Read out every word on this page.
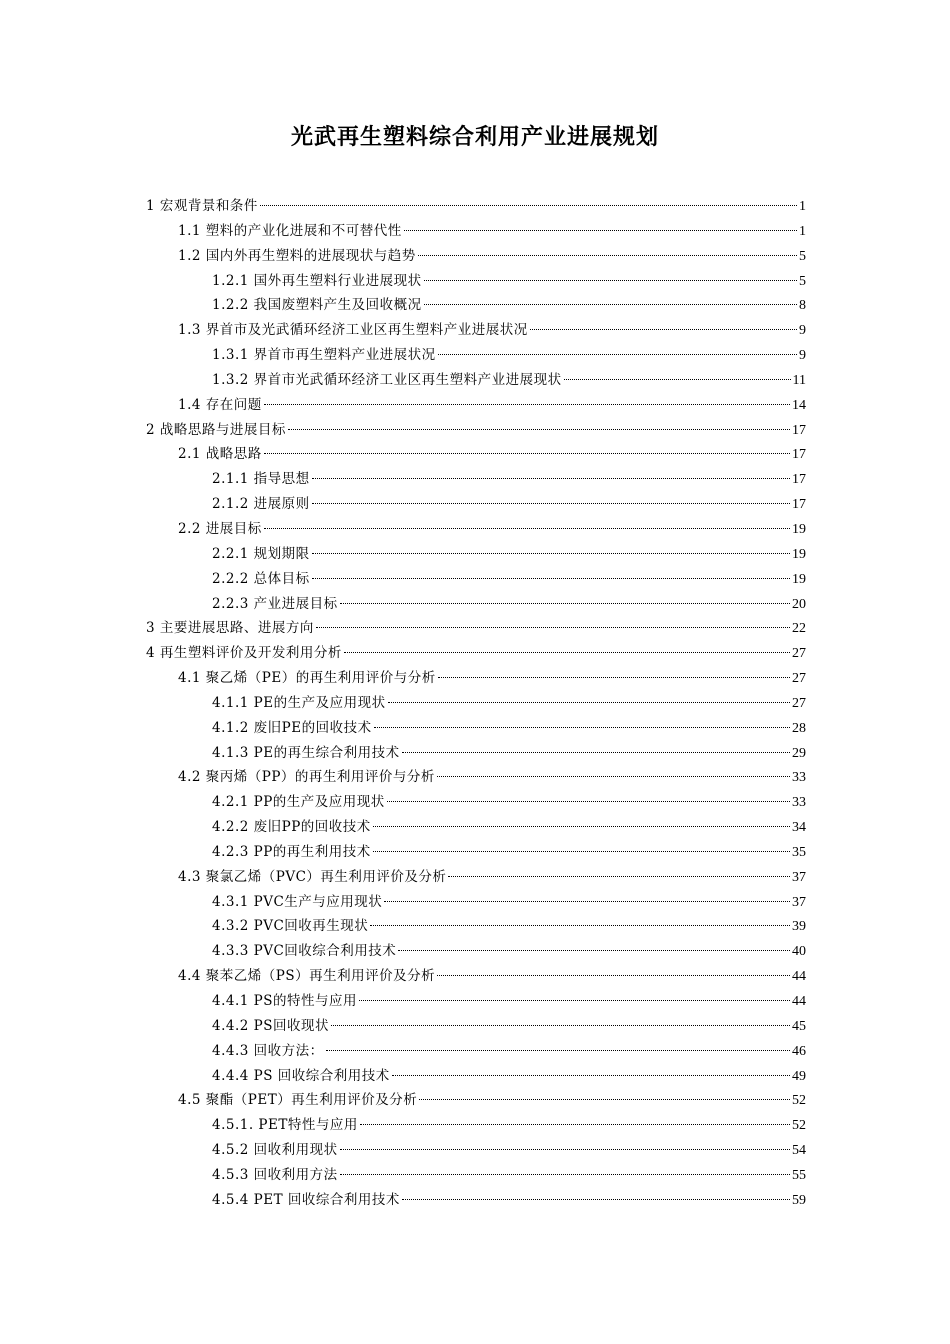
光武再生塑料综合利用产业进展规划
1 宏观背景和条件	1
1.1 塑料的产业化进展和不可替代性	1
1.2 国内外再生塑料的进展现状与趋势	5
1.2.1 国外再生塑料行业进展现状	5
1.2.2 我国废塑料产生及回收概况	8
1.3 界首市及光武循环经济工业区再生塑料产业进展状况	9
1.3.1 界首市再生塑料产业进展状况	9
1.3.2 界首市光武循环经济工业区再生塑料产业进展现状	11
1.4 存在问题	14
2 战略思路与进展目标	17
2.1 战略思路	17
2.1.1 指导思想	17
2.1.2 进展原则	17
2.2 进展目标	19
2.2.1 规划期限	19
2.2.2 总体目标	19
2.2.3 产业进展目标	20
3 主要进展思路、进展方向	22
4 再生塑料评价及开发利用分析	27
4.1 聚乙烯（PE）的再生利用评价与分析	27
4.1.1 PE的生产及应用现状	27
4.1.2 废旧PE的回收技术	28
4.1.3 PE的再生综合利用技术	29
4.2 聚丙烯（PP）的再生利用评价与分析	33
4.2.1 PP的生产及应用现状	33
4.2.2 废旧PP的回收技术	34
4.2.3 PP的再生利用技术	35
4.3 聚氯乙烯（PVC）再生利用评价及分析	37
4.3.1 PVC生产与应用现状	37
4.3.2 PVC回收再生现状	39
4.3.3 PVC回收综合利用技术	40
4.4 聚苯乙烯（PS）再生利用评价及分析	44
4.4.1 PS的特性与应用	44
4.4.2 PS回收现状	45
4.4.3 回收方法：	46
4.4.4 PS 回收综合利用技术	49
4.5 聚酯（PET）再生利用评价及分析	52
4.5.1. PET特性与应用	52
4.5.2 回收利用现状	54
4.5.3 回收利用方法	55
4.5.4 PET 回收综合利用技术	59
